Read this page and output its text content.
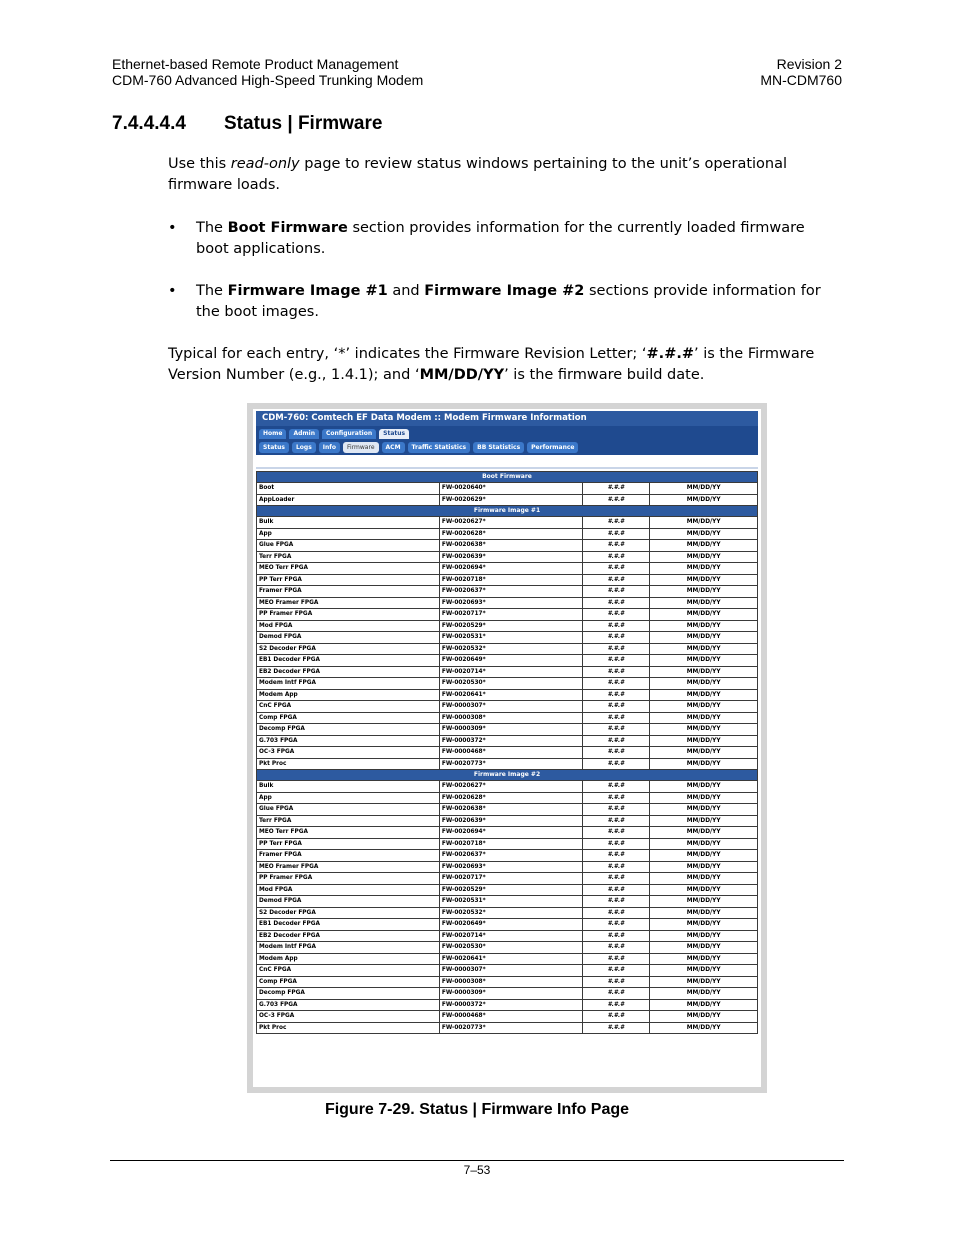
Ethernet-based Remote Product Management	Revision 2
CDM-760 Advanced High-Speed Trunking Modem	MN-CDM760
7.4.4.4.4 Status | Firmware
Use this read-only page to review status windows pertaining to the unit’s operational firmware loads.
• The Boot Firmware section provides information for the currently loaded firmware boot applications.
• The Firmware Image #1 and Firmware Image #2 sections provide information for the boot images.
Typical for each entry, ‘*’ indicates the Firmware Revision Letter; ‘#.#.#’ is the Firmware Version Number (e.g., 1.4.1); and ‘MM/DD/YY’ is the firmware build date.
CDM-760: Comtech EF Data Modem :: Modem Firmware Information
Home	Admin	Configuration	Status
Status	Logs	Info	Firmware	ACM	Traffic Statistics	BB Statistics	Performance
Boot Firmware			
Boot	FW-0020640*	#.#.#	MM/DD/YY
AppLoader	FW-0020629*	#.#.#	MM/DD/YY
Firmware Image #1			
Bulk	FW-0020627*	#.#.#	MM/DD/YY
App	FW-0020628*	#.#.#	MM/DD/YY
Glue FPGA	FW-0020638*	#.#.#	MM/DD/YY
Terr FPGA	FW-0020639*	#.#.#	MM/DD/YY
MEO Terr FPGA	FW-0020694*	#.#.#	MM/DD/YY
PP Terr FPGA	FW-0020718*	#.#.#	MM/DD/YY
Framer FPGA	FW-0020637*	#.#.#	MM/DD/YY
MEO Framer FPGA	FW-0020693*	#.#.#	MM/DD/YY
PP Framer FPGA	FW-0020717*	#.#.#	MM/DD/YY
Mod FPGA	FW-0020529*	#.#.#	MM/DD/YY
Demod FPGA	FW-0020531*	#.#.#	MM/DD/YY
S2 Decoder FPGA	FW-0020532*	#.#.#	MM/DD/YY
EB1 Decoder FPGA	FW-0020649*	#.#.#	MM/DD/YY
EB2 Decoder FPGA	FW-0020714*	#.#.#	MM/DD/YY
Modem Intf FPGA	FW-0020530*	#.#.#	MM/DD/YY
Modem App	FW-0020641*	#.#.#	MM/DD/YY
CnC FPGA	FW-0000307*	#.#.#	MM/DD/YY
Comp FPGA	FW-0000308*	#.#.#	MM/DD/YY
Decomp FPGA	FW-0000309*	#.#.#	MM/DD/YY
G.703 FPGA	FW-0000372*	#.#.#	MM/DD/YY
OC-3 FPGA	FW-0000468*	#.#.#	MM/DD/YY
Pkt Proc	FW-0020773*	#.#.#	MM/DD/YY
Firmware Image #2			
Bulk	FW-0020627*	#.#.#	MM/DD/YY
App	FW-0020628*	#.#.#	MM/DD/YY
Glue FPGA	FW-0020638*	#.#.#	MM/DD/YY
Terr FPGA	FW-0020639*	#.#.#	MM/DD/YY
MEO Terr FPGA	FW-0020694*	#.#.#	MM/DD/YY
PP Terr FPGA	FW-0020718*	#.#.#	MM/DD/YY
Framer FPGA	FW-0020637*	#.#.#	MM/DD/YY
MEO Framer FPGA	FW-0020693*	#.#.#	MM/DD/YY
PP Framer FPGA	FW-0020717*	#.#.#	MM/DD/YY
Mod FPGA	FW-0020529*	#.#.#	MM/DD/YY
Demod FPGA	FW-0020531*	#.#.#	MM/DD/YY
S2 Decoder FPGA	FW-0020532*	#.#.#	MM/DD/YY
EB1 Decoder FPGA	FW-0020649*	#.#.#	MM/DD/YY
EB2 Decoder FPGA	FW-0020714*	#.#.#	MM/DD/YY
Modem Intf FPGA	FW-0020530*	#.#.#	MM/DD/YY
Modem App	FW-0020641*	#.#.#	MM/DD/YY
CnC FPGA	FW-0000307*	#.#.#	MM/DD/YY
Comp FPGA	FW-0000308*	#.#.#	MM/DD/YY
Decomp FPGA	FW-0000309*	#.#.#	MM/DD/YY
G.703 FPGA	FW-0000372*	#.#.#	MM/DD/YY
OC-3 FPGA	FW-0000468*	#.#.#	MM/DD/YY
Pkt Proc	FW-0020773*	#.#.#	MM/DD/YY
Figure 7-29. Status | Firmware Info Page
7–53
